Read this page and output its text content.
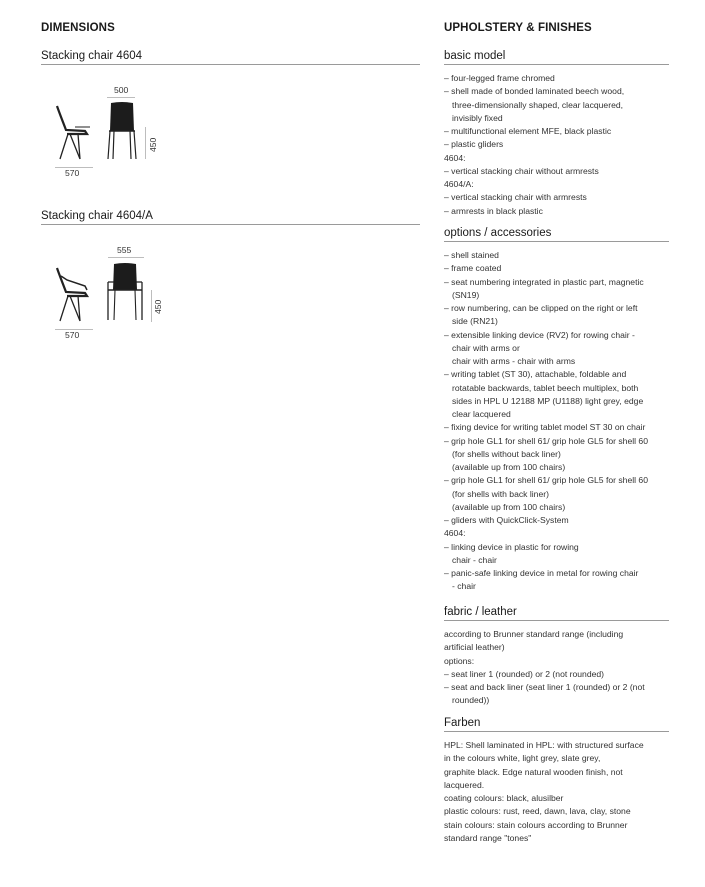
DIMENSIONS
Stacking chair 4604
570
500
450
Stacking chair 4604/A
570
555
450
UPHOLSTERY & FINISHES
basic model
– four-legged frame chromed
– shell made of bonded laminated beech wood,
three-dimensionally shaped, clear lacquered,
invisibly fixed
– multifunctional element MFE, black plastic
– plastic gliders
4604:
– vertical stacking chair without armrests
4604/A:
– vertical stacking chair with armrests
– armrests in black plastic
options / accessories
– shell stained
– frame coated
– seat numbering integrated in plastic part, magnetic
(SN19)
– row numbering, can be clipped on the right or left
side (RN21)
– extensible linking device (RV2) for rowing chair -
chair with arms or
chair with arms - chair with arms
– writing tablet (ST 30), attachable, foldable and
rotatable backwards, tablet beech multiplex, both
sides in HPL U 12188 MP (U1188) light grey, edge
clear lacquered
– fixing device for writing tablet model ST 30 on chair
– grip hole GL1 for shell 61/ grip hole GL5 for shell 60
(for shells without back liner)
(available up from 100 chairs)
– grip hole GL1 for shell 61/ grip hole GL5 for shell 60
(for shells with back liner)
(available up from 100 chairs)
– gliders with QuickClick-System
4604:
– linking device in plastic for rowing
chair - chair
– panic-safe linking device in metal for rowing chair
- chair
fabric / leather
according to Brunner standard range (including
artificial leather)
options:
– seat liner 1 (rounded) or 2 (not rounded)
– seat and back liner (seat liner 1 (rounded) or 2 (not
rounded))
Farben
HPL: Shell laminated in HPL: with structured surface
in the colours white, light grey, slate grey,
graphite black. Edge natural wooden finish, not
lacquered.
coating colours: black, alusilber
plastic colours: rust, reed, dawn, lava, clay, stone
stain colours: stain colours according to Brunner
standard range "tones"
